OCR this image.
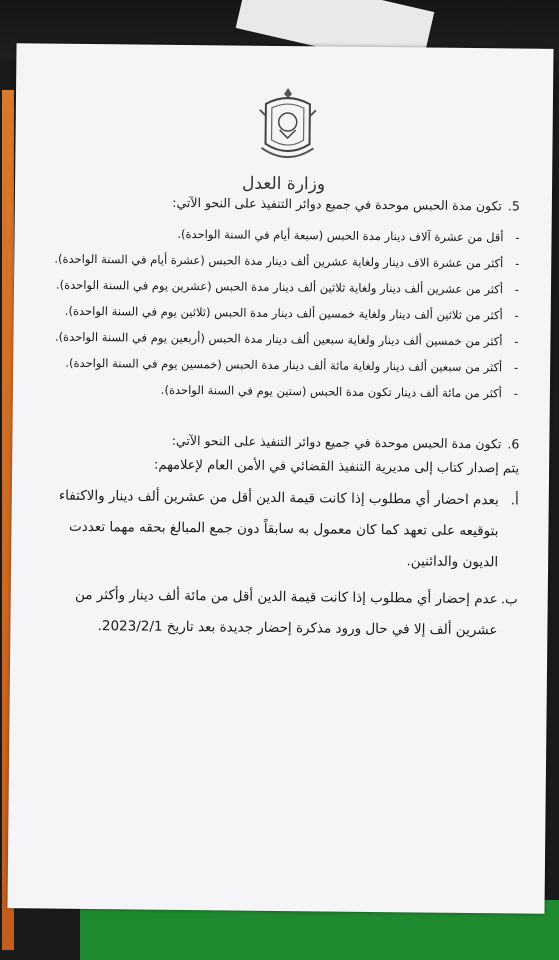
وزارة العدل

5.تكون مدة الحبس موحدة في جميع دوائر التنفيذ على النحو الآتي:

-
أقل من عشرة آلاف دينار مدة الحبس (سبعة أيام في السنة الواحدة).

-
أكثر من عشرة الاف دينار ولغاية عشرين ألف دينار مدة الحبس (عشرة أيام في السنة الواحدة).

-
أكثر من عشرين ألف دينار ولغاية ثلاثين ألف دينار مدة الحبس (عشرين يوم في السنة الواحدة).

-
أكثر من ثلاثين ألف دينار ولغاية خمسين ألف دينار مدة الحبس (ثلاثين يوم في السنة الواحدة).

-
أكثر من خمسين ألف دينار ولغاية سبعين ألف دينار مدة الحبس (أربعين يوم في السنة الواحدة).

-
أكثر من سبعين ألف دينار ولغاية مائة ألف دينار مدة الحبس (خمسين يوم في السنة الواحدة).

-
أكثر من مائة ألف دينار تكون مدة الحبس (ستين يوم في السنة الواحدة).

6.تكون مدة الحبس موحدة في جميع دوائر التنفيذ على النحو الآتي:

يتم إصدار كتاب إلى مديرية التنفيذ القضائي في الأمن العام لإعلامهم:

أ.
بعدم احضار أي مطلوب إذا كانت قيمة الدين أقل من عشرين ألف دينار والاكتفاء بتوقيعه على تعهد كما كان معمول به سابقاً دون جمع المبالغ بحقه مهما تعددت الديون والدائنين.

ب.
عدم إحضار أي مطلوب إذا كانت قيمة الدين أقل من مائة ألف دينار وأكثر من عشرين ألف إلا في حال ورود مذكرة إحضار جديدة بعد تاريخ 2023/2/1.
